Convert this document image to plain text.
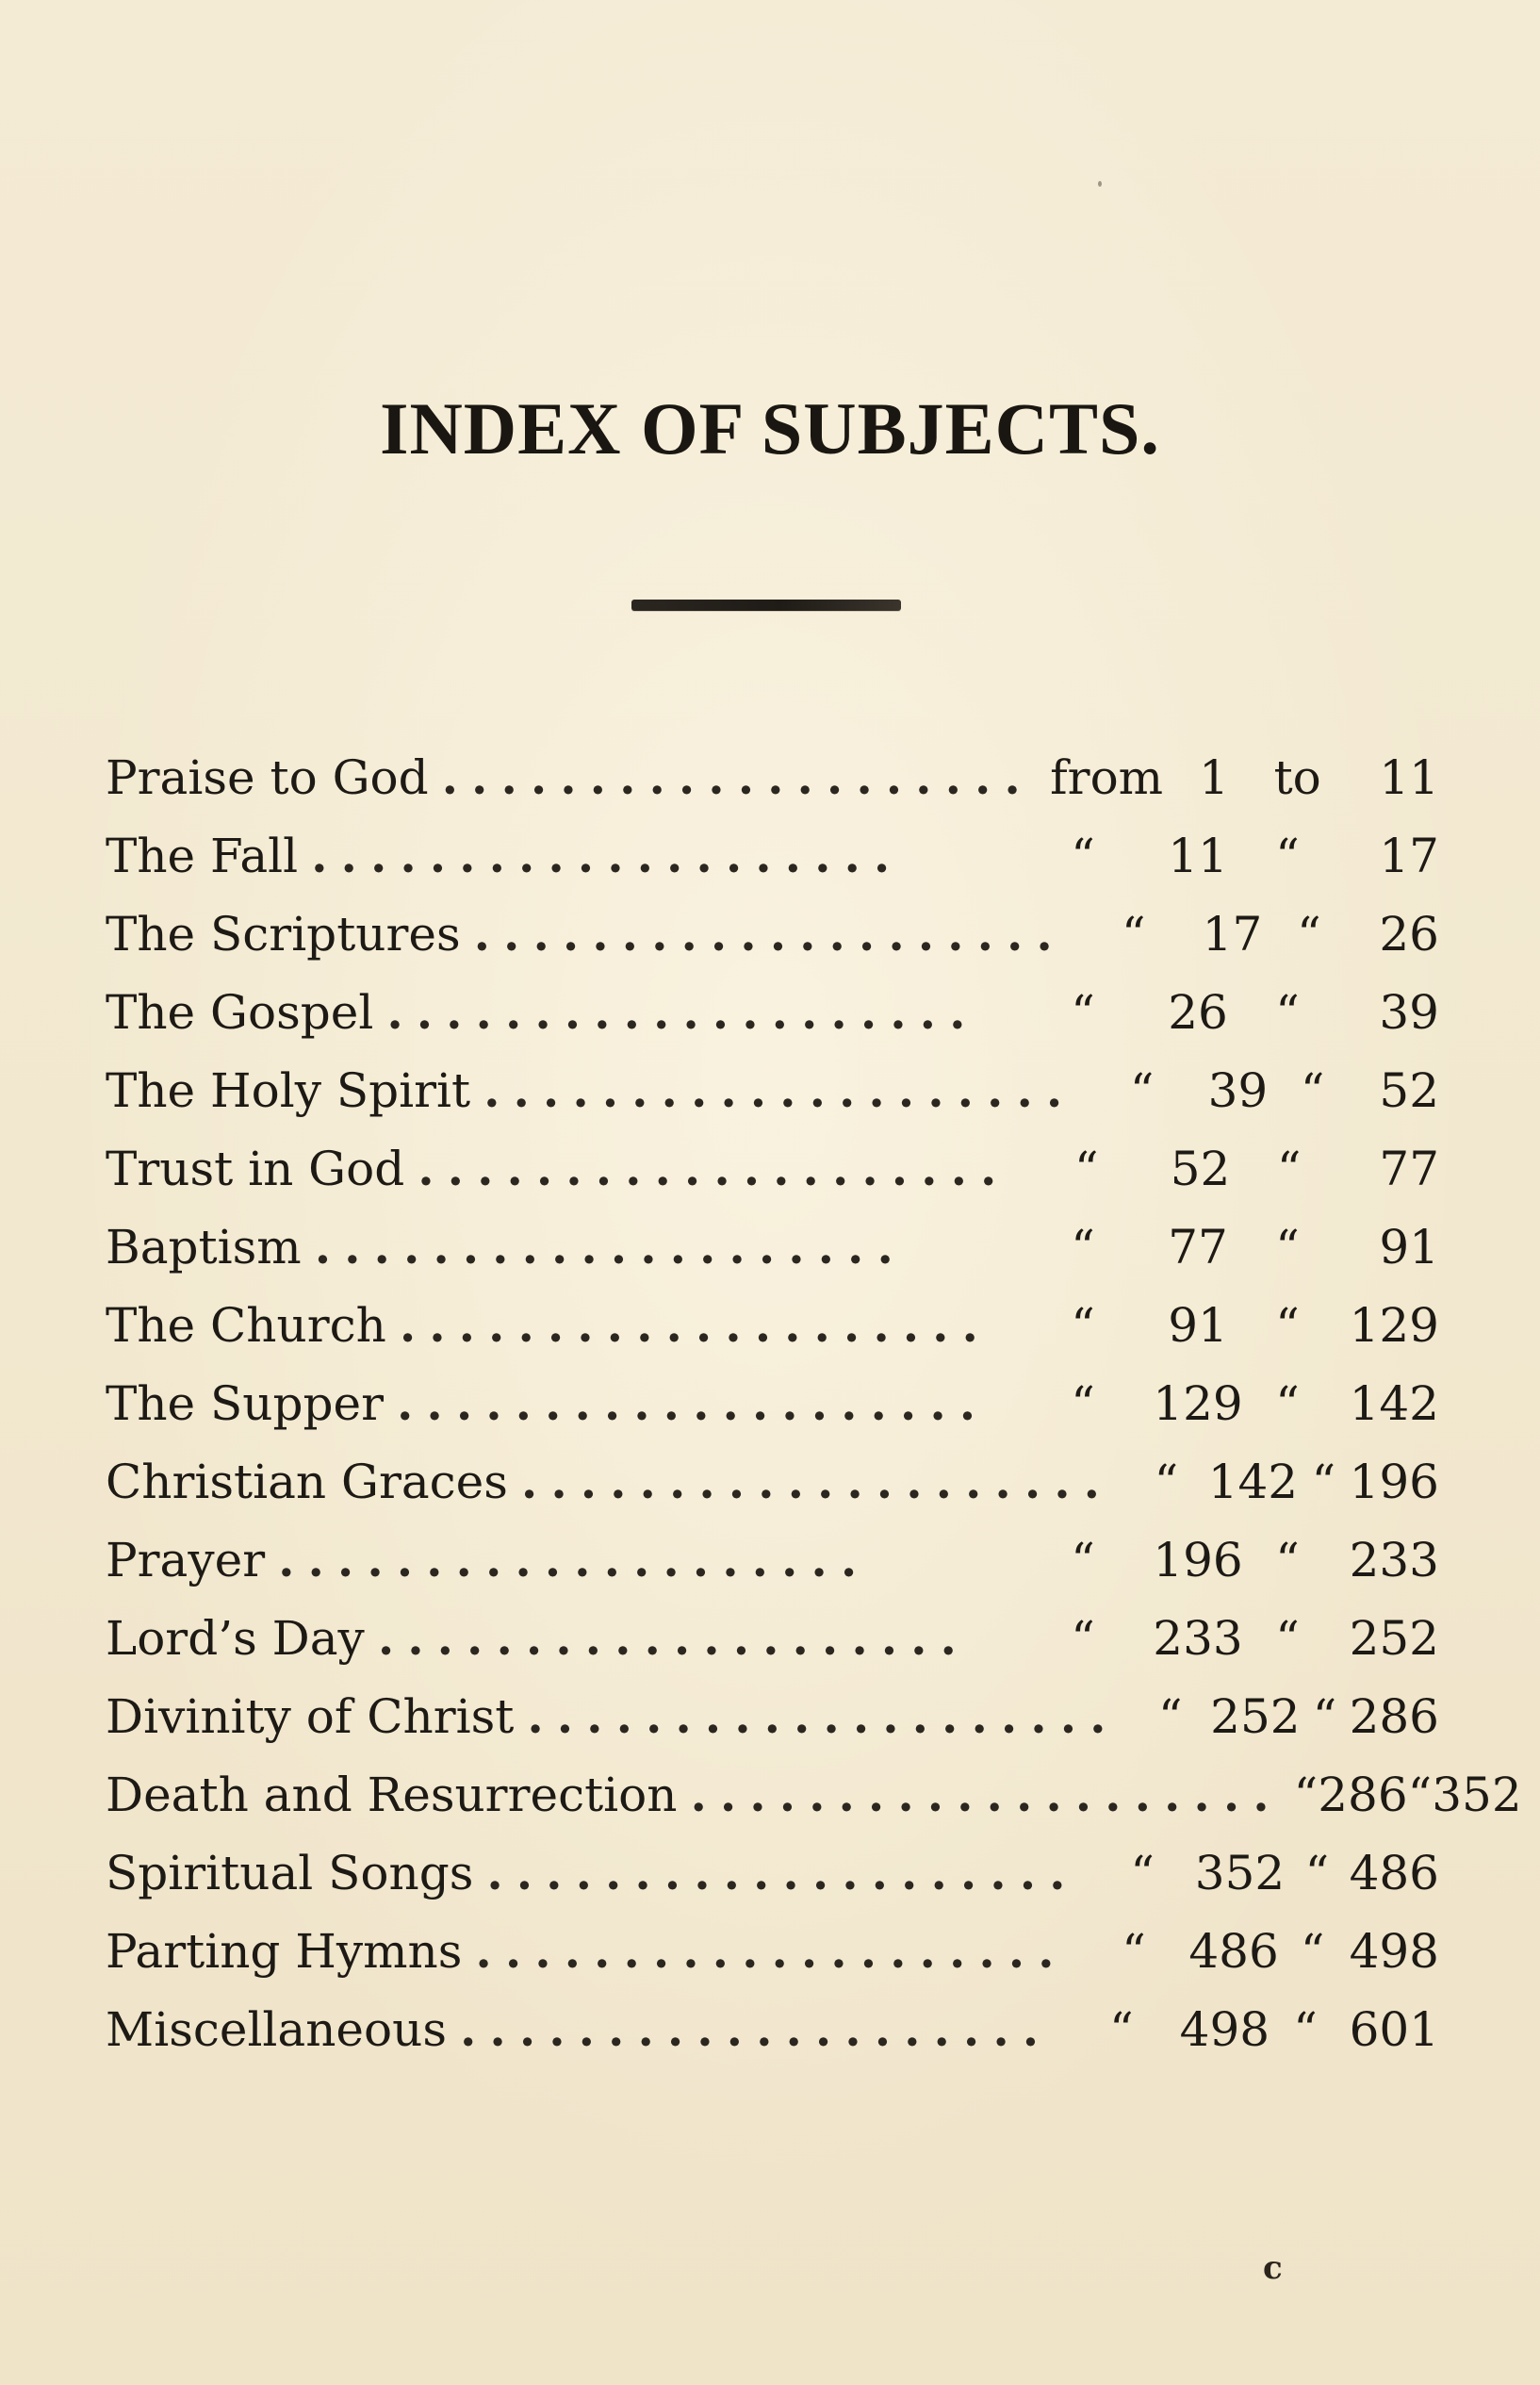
INDEX OF SUBJECTS.
Praise to God .................... from 1 to	11
The Fall ....................	“	11	“	17
The Scriptures ....................	“	17 “	26
The Gospel ....................	“	26	“	39
The Holy Spirit ....................	“	39 “	52
Trust in God ....................	“	52 “	77
Baptism ....................	“	77	“	91
The Church ....................	“	91	“	129
The Supper ....................	“	129 “	142
Christian Graces .................... “ 142 “ 196
Prayer ....................	“	196 “	233
Lord’s Day ....................	“	233 “	252
Divinity of Christ .................... “ 252 “ 286
Death and Resurrection .................... “ 286 “ 352
Spiritual Songs ....................	“ 352 “ 486
Parting Hymns ....................	“ 486 “ 498
Miscellaneous ....................	“ 498 “ 601
c
